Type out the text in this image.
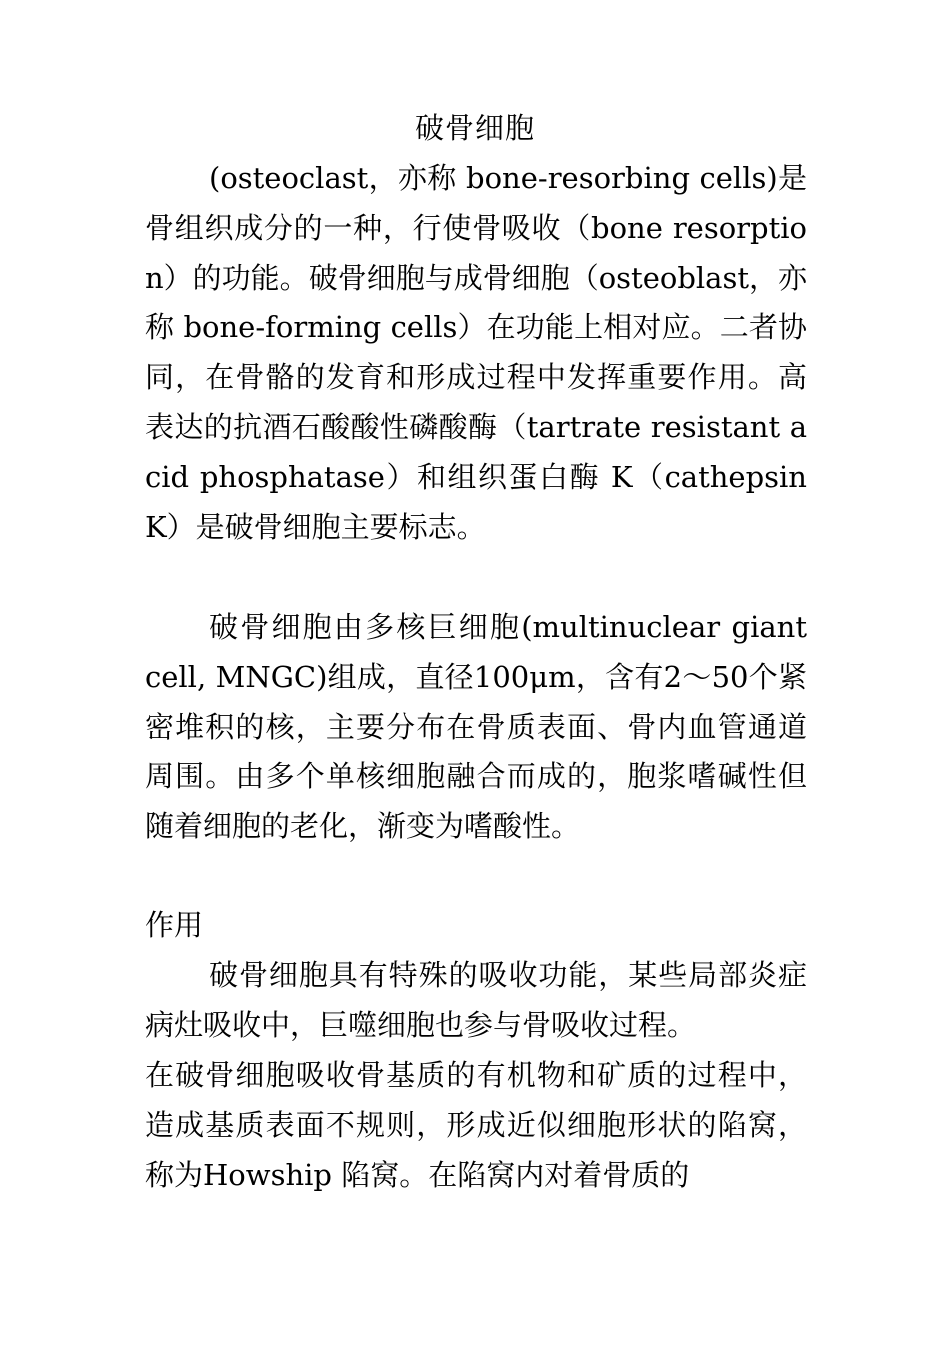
破骨细胞

(osteoclast，亦称 bone-resorbing cells)是骨组织成分的一种，行使骨吸收（bone resorption）的功能。破骨细胞与成骨细胞（osteoblast，亦称 bone-forming cells）在功能上相对应。二者协同，在骨骼的发育和形成过程中发挥重要作用。高表达的抗酒石酸酸性磷酸酶（tartrate resistant acid phosphatase）和组织蛋白酶 K（cathepsin K）是破骨细胞主要标志。

破骨细胞由多核巨细胞(multinuclear giant cell, MNGC)组成，直径100μm，含有2～50个紧密堆积的核，主要分布在骨质表面、骨内血管通道周围。由多个单核细胞融合而成的，胞浆嗜碱性但随着细胞的老化，渐变为嗜酸性。

作用

破骨细胞具有特殊的吸收功能，某些局部炎症病灶吸收中，巨噬细胞也参与骨吸收过程。

在破骨细胞吸收骨基质的有机物和矿质的过程中，造成基质表面不规则，形成近似细胞形状的陷窝，称为Howship 陷窝。在陷窝内对着骨质的
